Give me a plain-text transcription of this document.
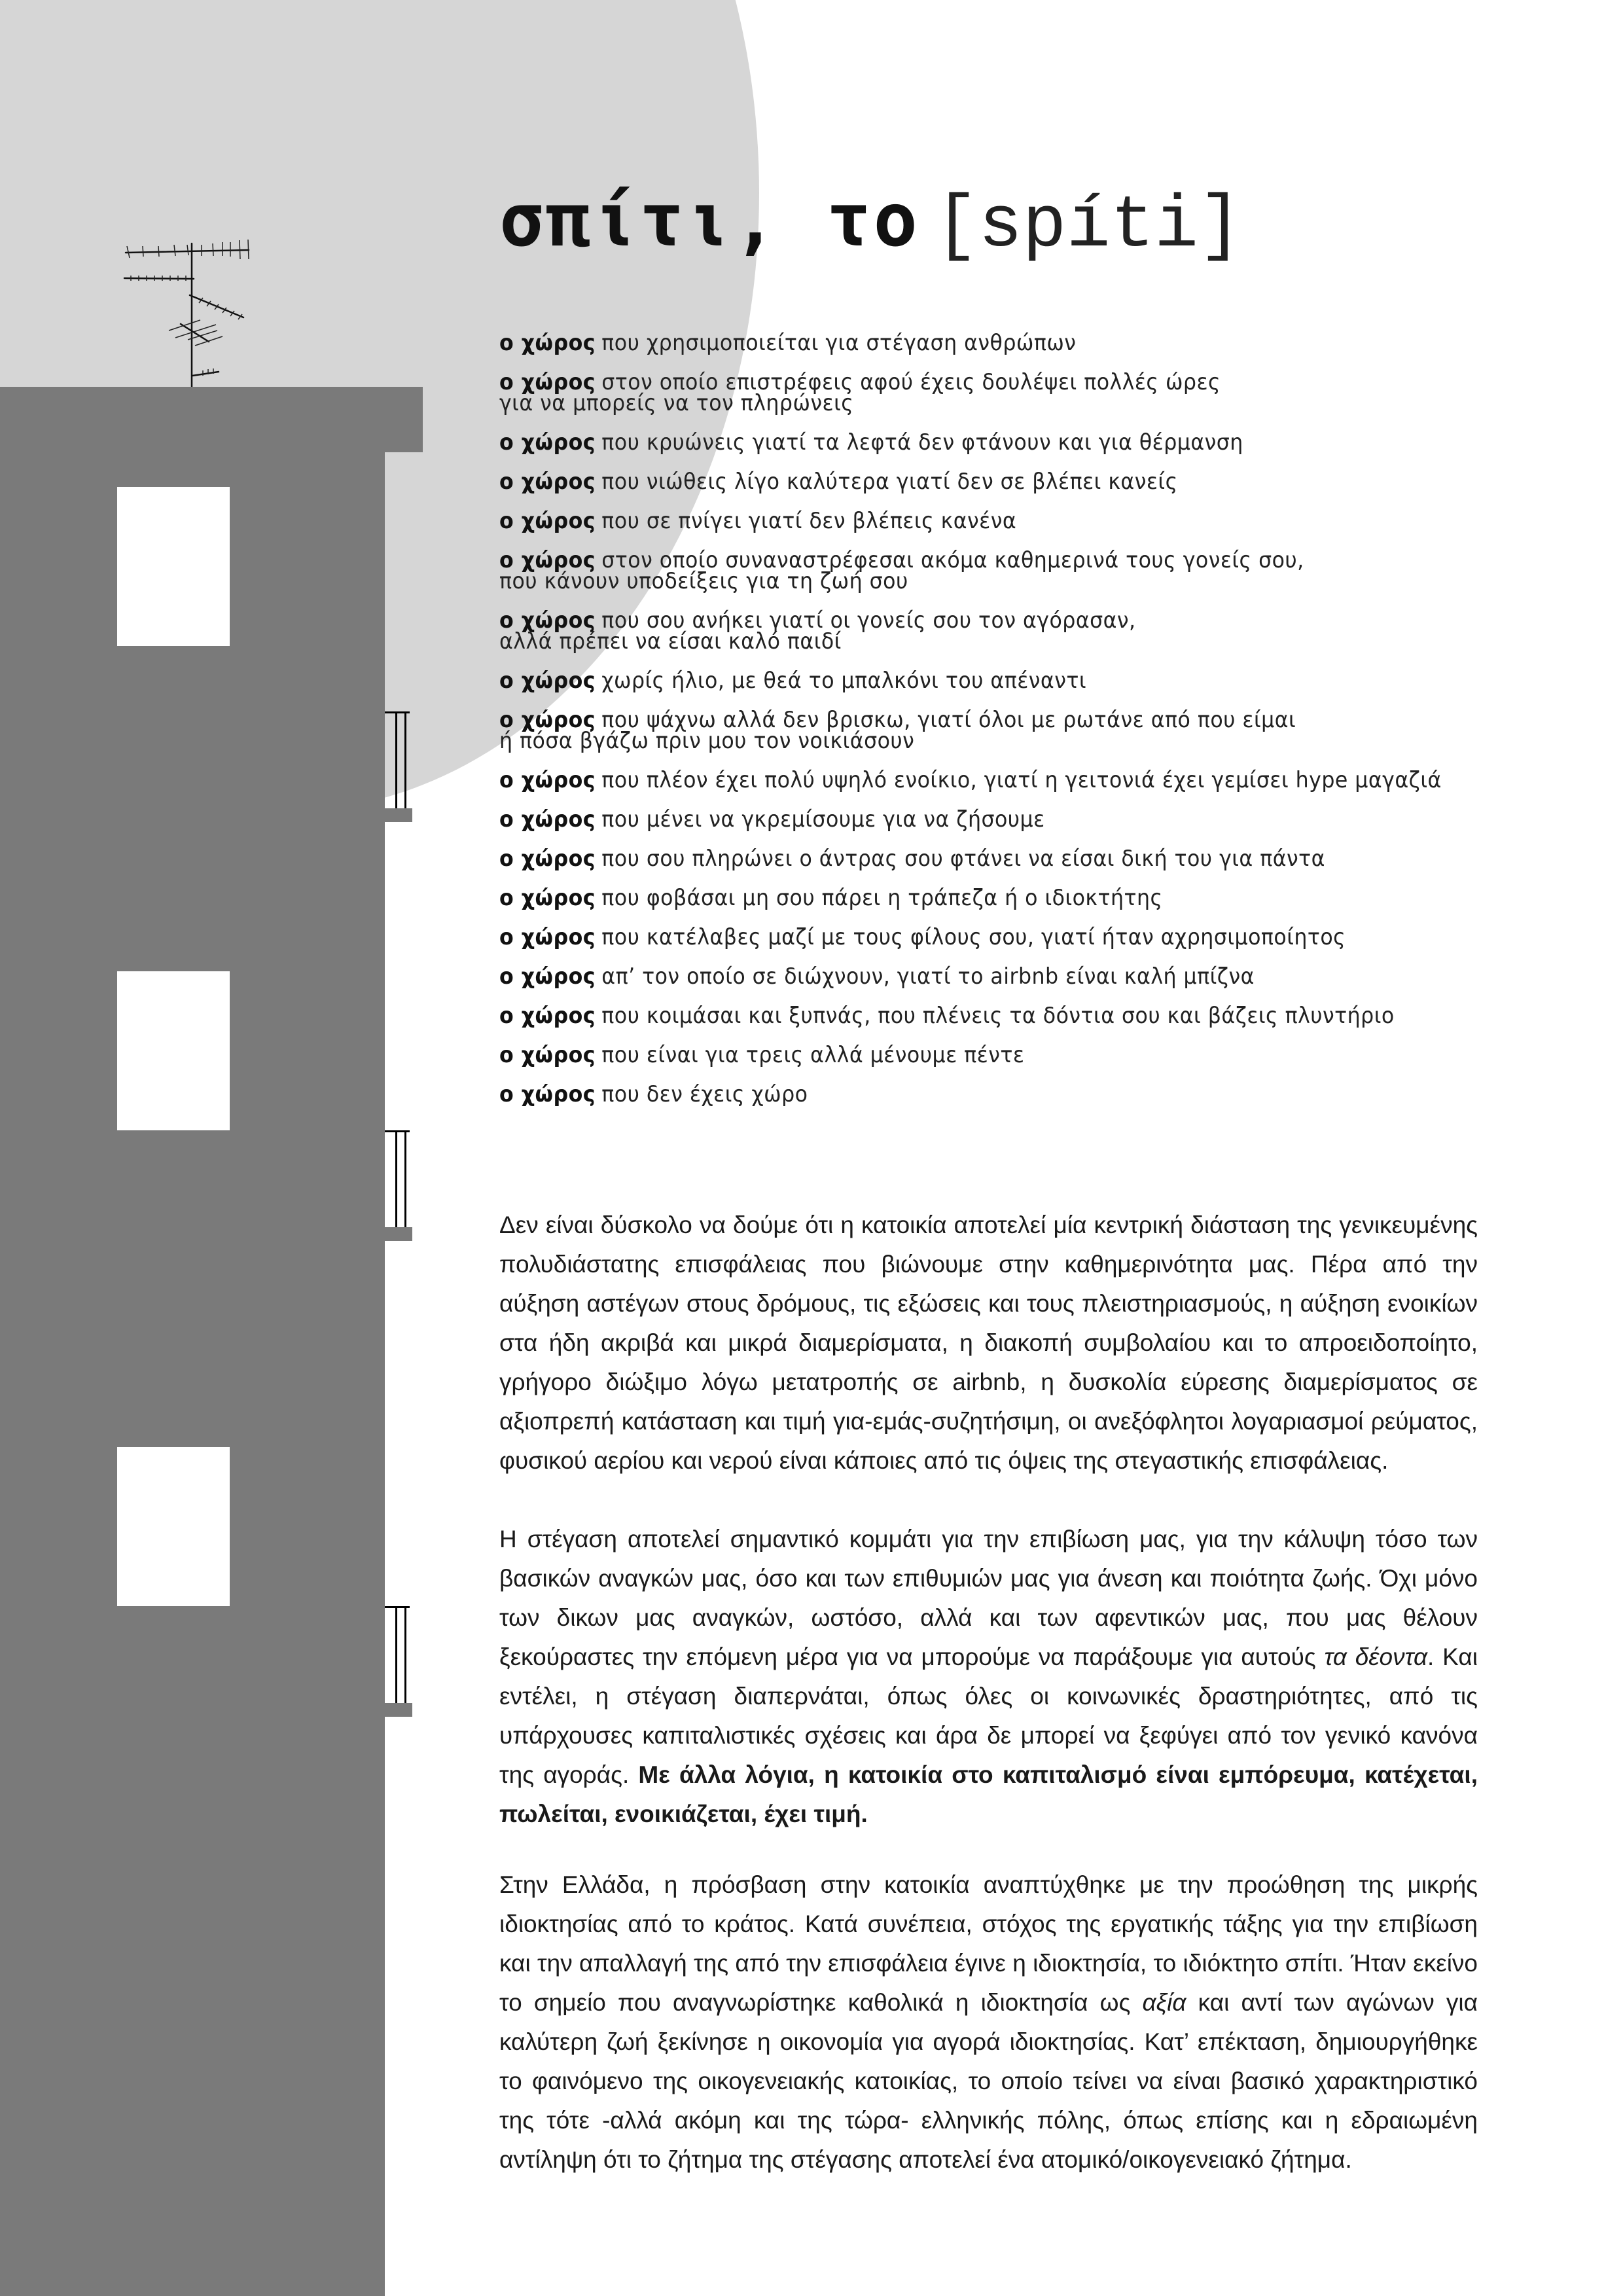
σπίτι, το [spíti]
ο χώρος που χρησιμοποιείται για στέγαση ανθρώπων
ο χώρος στον οποίο επιστρέφεις αφού έχεις δουλέψει πολλές ώρες
για να μπορείς να τον πληρώνεις
ο χώρος που κρυώνεις γιατί τα λεφτά δεν φτάνουν και για θέρμανση
ο χώρος που νιώθεις λίγο καλύτερα γιατί δεν σε βλέπει κανείς
ο χώρος που σε πνίγει γιατί δεν βλέπεις κανένα
ο χώρος στον οποίο συναναστρέφεσαι ακόμα καθημερινά τους γονείς σου,
που κάνουν υποδείξεις για τη ζωή σου
ο χώρος που σου ανήκει γιατί οι γονείς σου τον αγόρασαν,
αλλά πρέπει να είσαι καλό παιδί
ο χώρος χωρίς ήλιο, με θεά το μπαλκόνι του απέναντι
ο χώρος που ψάχνω αλλά δεν βρισκω, γιατί όλοι με ρωτάνε από που είμαι
ή πόσα βγάζω πριν μου τον νοικιάσουν
ο χώρος που πλέον έχει πολύ υψηλό ενοίκιο, γιατί η γειτονιά έχει γεμίσει hype μαγαζιά
ο χώρος που μένει να γκρεμίσουμε για να ζήσουμε
ο χώρος που σου πληρώνει ο άντρας σου φτάνει να είσαι δική του για πάντα
ο χώρος που φοβάσαι μη σου πάρει η τράπεζα ή ο ιδιοκτήτης
ο χώρος που κατέλαβες μαζί με τους φίλους σου, γιατί ήταν αχρησιμοποίητος
ο χώρος απ’ τον οποίο σε διώχνουν, γιατί το airbnb είναι καλή μπίζνα
ο χώρος που κοιμάσαι και ξυπνάς, που πλένεις τα δόντια σου και βάζεις πλυντήριο
ο χώρος που είναι για τρεις αλλά μένουμε πέντε
ο χώρος που δεν έχεις χώρο

Δεν είναι δύσκολο να δούμε ότι η κατοικία αποτελεί μία κεντρική διάσταση της γενικευμένης πολυδιάστατης επισφάλειας που βιώνουμε στην καθημερινότητα μας. Πέρα από την αύξηση αστέγων στους δρόμους, τις εξώσεις και τους πλειστηριασμούς, η αύξηση ενοικίων στα ήδη ακριβά και μικρά διαμερίσματα, η διακοπή συμβολαίου και το απροειδοποίητο, γρήγορο διώξιμο λόγω μετατροπής σε airbnb, η δυσκολία εύρεσης διαμερίσματος σε αξιοπρεπή κατάσταση και τιμή για-εμάς-συζητήσιμη, οι ανεξόφλητοι λογαριασμοί ρεύματος, φυσικού αερίου και νερού είναι κάποιες από τις όψεις της στεγαστικής επισφάλειας.

Η στέγαση αποτελεί σημαντικό κομμάτι για την επιβίωση μας, για την κάλυψη τόσο των βασικών αναγκών μας, όσο και των επιθυμιών μας για άνεση και ποιότητα ζωής. Όχι μόνο των δικων μας αναγκών, ωστόσο, αλλά και των αφεντικών μας, που μας θέλουν ξεκούραστες την επόμενη μέρα για να μπορούμε να παράξουμε για αυτούς τα δέοντα. Και εντέλει, η στέγαση διαπερνάται, όπως όλες οι κοινωνικές δραστηριότητες, από τις υπάρχουσες καπιταλιστικές σχέσεις και άρα δε μπορεί να ξεφύγει από τον γενικό κανόνα της αγοράς. Με άλλα λόγια, η κατοικία στο καπιταλισμό είναι εμπόρευμα, κατέχεται, πωλείται, ενοικιάζεται, έχει τιμή.

Στην Ελλάδα, η πρόσβαση στην κατοικία αναπτύχθηκε με την προώθηση της μικρής ιδιοκτησίας από το κράτος. Κατά συνέπεια, στόχος της εργατικής τάξης για την επιβίωση και την απαλλαγή της από την επισφάλεια έγινε η ιδιοκτησία, το ιδιόκτητο σπίτι. Ήταν εκείνο το σημείο που αναγνωρίστηκε καθολικά η ιδιοκτησία ως αξία και αντί των αγώνων για καλύτερη ζωή ξεκίνησε η οικονομία για αγορά ιδιοκτησίας. Κατ’ επέκταση, δημιουργήθηκε το φαινόμενο της οικογενειακής κατοικίας, το οποίο τείνει να είναι βασικό χαρακτηριστικό της τότε -αλλά ακόμη και της τώρα- ελληνικής πόλης, όπως επίσης και η εδραιωμένη αντίληψη ότι το ζήτημα της στέγασης αποτελεί ένα ατομικό/οικογενειακό ζήτημα.
